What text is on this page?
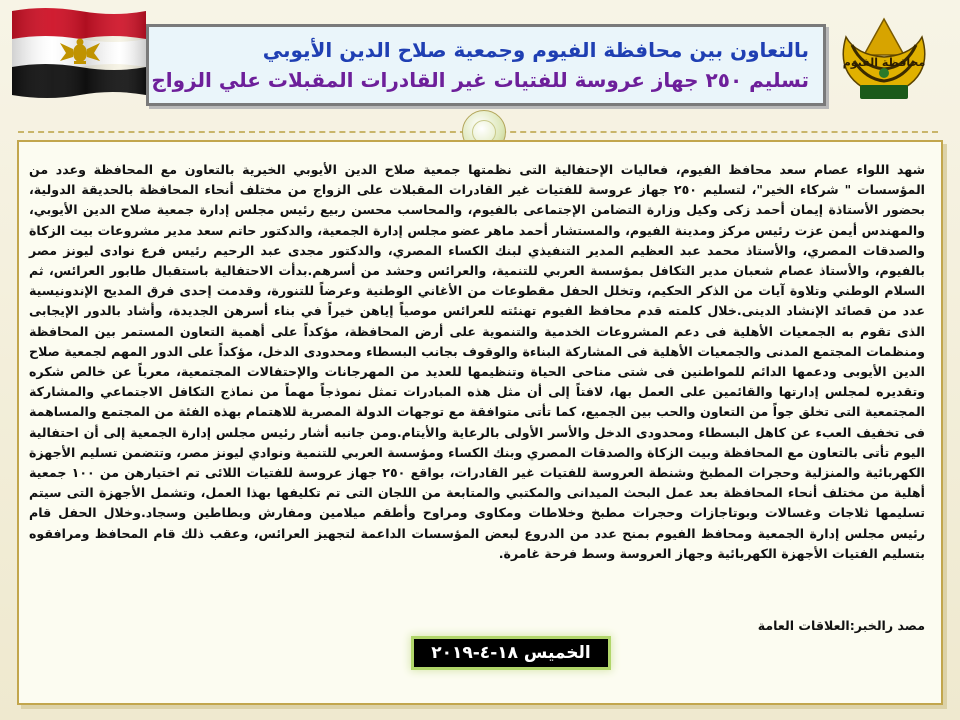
بالتعاون بين محافظة الفيوم وجمعية صلاح الدين الأيوبي
تسليم ٢٥٠ جهاز عروسة للفتيات غير القادرات المقبلات علي الزواج
محافظة الفيوم

شهد اللواء عصام سعد محافظ الفيوم، فعاليات الإحتفالية التى نظمتها جمعية صلاح الدين الأيوبي الخيرية بالتعاون مع المحافظة وعدد من المؤسسات " شركاء الخير"، لتسليم ٢٥٠ جهاز عروسة للفتيات غير القادرات المقبلات على الزواج من مختلف أنحاء المحافظة بالحديقة الدولية، بحضور الأستاذة إيمان أحمد زكى وكيل وزارة التضامن الإجتماعى بالفيوم، والمحاسب محسن ربيع رئيس مجلس إدارة جمعية صلاح الدين الأيوبي، والمهندس أيمن عزت رئيس مركز ومدينة الفيوم، والمستشار أحمد ماهر عضو مجلس إدارة الجمعية، والدكتور حاتم سعد مدير مشروعات بيت الزكاة والصدقات المصري، والأستاذ محمد عبد العظيم المدير التنفيذي لبنك الكساء المصري، والدكتور مجدى عبد الرحيم رئيس فرع نوادى ليونز مصر بالفيوم، والأستاذ عصام شعبان مدير التكافل بمؤسسة العربي للتنمية، والعرائس وحشد من أسرهم.بدأت الاحتفالية باستقبال طابور العرائس، ثم السلام الوطني وتلاوة آيات من الذكر الحكيم، وتخلل الحفل مقطوعات من الأغاني الوطنية وعرضاً للتنورة، وقدمت إحدى فرق المديح الإندونيسية عدد من قصائد الإنشاد الدينى.خلال كلمته قدم محافظ الفيوم تهنئته للعرائس موصياً إياهن خيراً في بناء أسرهن الجديدة، وأشاد بالدور الإيجابى الذى تقوم به الجمعيات الأهلية فى دعم المشروعات الخدمية والتنموية على أرض المحافظة، مؤكداً على أهمية التعاون المستمر بين المحافظة ومنظمات المجتمع المدنى والجمعيات الأهلية فى المشاركة البناءة والوقوف بجانب البسطاء ومحدودى الدخل، مؤكداً على الدور المهم لجمعية صلاح الدين الأيوبى ودعمها الدائم للمواطنين فى شتى مناحى الحياة وتنظيمها للعديد من المهرجانات والإحتفالات المجتمعية، معرباً عن خالص شكره وتقديره لمجلس إدارتها والقائمين على العمل بها، لافتاً إلى أن مثل هذه المبادرات تمثل نموذجاً مهماً من نماذج التكافل الاجتماعي والمشاركة المجتمعية التى تخلق جواً من التعاون والحب بين الجميع، كما تأتى متوافقة مع توجهات الدولة المصرية للاهتمام بهذه الفئة من المجتمع والمساهمة فى تخفيف العبء عن كاهل البسطاء ومحدودى الدخل والأسر الأولى بالرعاية والأيتام.ومن جانبه أشار رئيس مجلس إدارة الجمعية إلى أن احتفالية اليوم تأتى بالتعاون مع المحافظة وبيت الزكاة والصدقات المصري وبنك الكساء ومؤسسة العربي للتنمية ونوادي ليونز مصر، وتتضمن تسليم الأجهزة الكهربائية والمنزلية وحجرات المطبخ وشنطة العروسة للفتيات غير القادرات، بواقع ٢٥٠ جهاز عروسة للفتيات اللائى تم اختيارهن من ١٠٠ جمعية أهلية من مختلف أنحاء المحافظة بعد عمل البحث الميدانى والمكتبي والمتابعة من اللجان التى تم تكليفها بهذا العمل، وتشمل الأجهزة التى سيتم تسليمها ثلاجات وغسالات وبوتاجازات وحجرات مطبخ وخلاطات ومكاوى ومراوح وأطقم ميلامين ومفارش وبطاطين وسجاد.وخلال الحفل قام رئيس مجلس إدارة الجمعية ومحافظ الفيوم بمنح عدد من الدروع لبعض المؤسسات الداعمة لتجهيز العرائس، وعقب ذلك قام المحافظ ومرافقوه بتسليم الفتيات الأجهزة الكهربائية وجهاز العروسة وسط فرحة غامرة.

مصد رالخبر:العلاقات العامة

الخميس ١٨-٤-٢٠١٩
